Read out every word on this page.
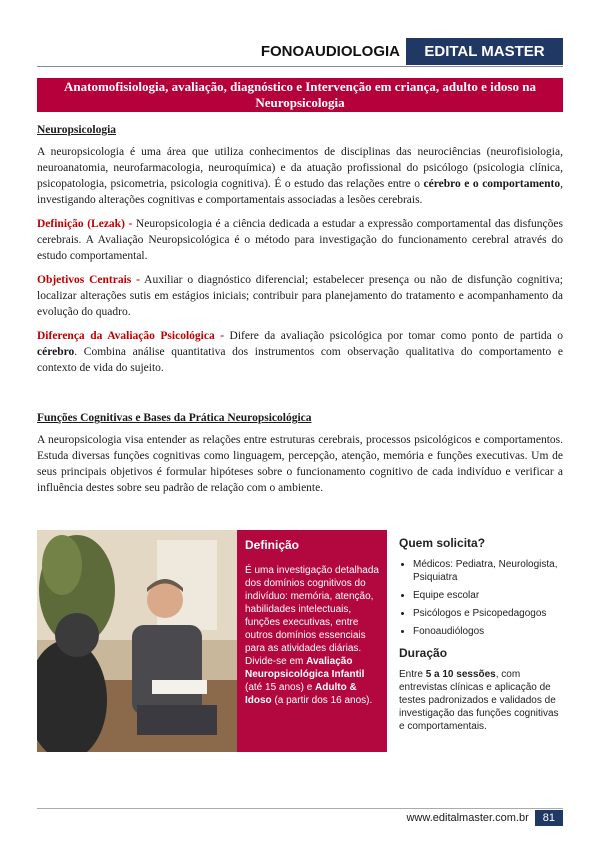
FONOAUDIOLOGIA	EDITAL MASTER
Anatomofisiologia, avaliação, diagnóstico e Intervenção em criança, adulto e idoso na Neuropsicologia
Neuropsicologia

A neuropsicologia é uma área que utiliza conhecimentos de disciplinas das neurociências (neurofisiologia, neuroanatomia, neurofarmacologia, neuroquímica) e da atuação profissional do psicólogo (psicologia clínica, psicopatologia, psicometria, psicologia cognitiva). É o estudo das relações entre o cérebro e o comportamento, investigando alterações cognitivas e comportamentais associadas a lesões cerebrais.

Definição (Lezak) - Neuropsicologia é a ciência dedicada a estudar a expressão comportamental das disfunções cerebrais. A Avaliação Neuropsicológica é o método para investigação do funcionamento cerebral através do estudo comportamental.

Objetivos Centrais - Auxiliar o diagnóstico diferencial; estabelecer presença ou não de disfunção cognitiva; localizar alterações sutis em estágios iniciais; contribuir para planejamento do tratamento e acompanhamento da evolução do quadro.

Diferença da Avaliação Psicológica - Difere da avaliação psicológica por tomar como ponto de partida o cérebro. Combina análise quantitativa dos instrumentos com observação qualitativa do comportamento e contexto de vida do sujeito.

Funções Cognitivas e Bases da Prática Neuropsicológica

A neuropsicologia visa entender as relações entre estruturas cerebrais, processos psicológicos e comportamentos. Estuda diversas funções cognitivas como linguagem, percepção, atenção, memória e funções executivas. Um de seus principais objetivos é formular hipóteses sobre o funcionamento cognitivo de cada indivíduo e verificar a influência destes sobre seu padrão de relação com o ambiente.

Definição
É uma investigação detalhada dos domínios cognitivos do indivíduo: memória, atenção, habilidades intelectuais, funções executivas, entre outros domínios essenciais para as atividades diárias. Divide-se em Avaliação Neuropsicológica Infantil (até 15 anos) e Adulto & Idoso (a partir dos 16 anos).
Quem solicita?
• Médicos: Pediatra, Neurologista, Psiquiatra
• Equipe escolar
• Psicólogos e Psicopedagogos
• Fonoaudiólogos
Duração
Entre 5 a 10 sessões, com entrevistas clínicas e aplicação de testes padronizados e validados de investigação das funções cognitivas e comportamentais.
www.editalmaster.com.br	81
